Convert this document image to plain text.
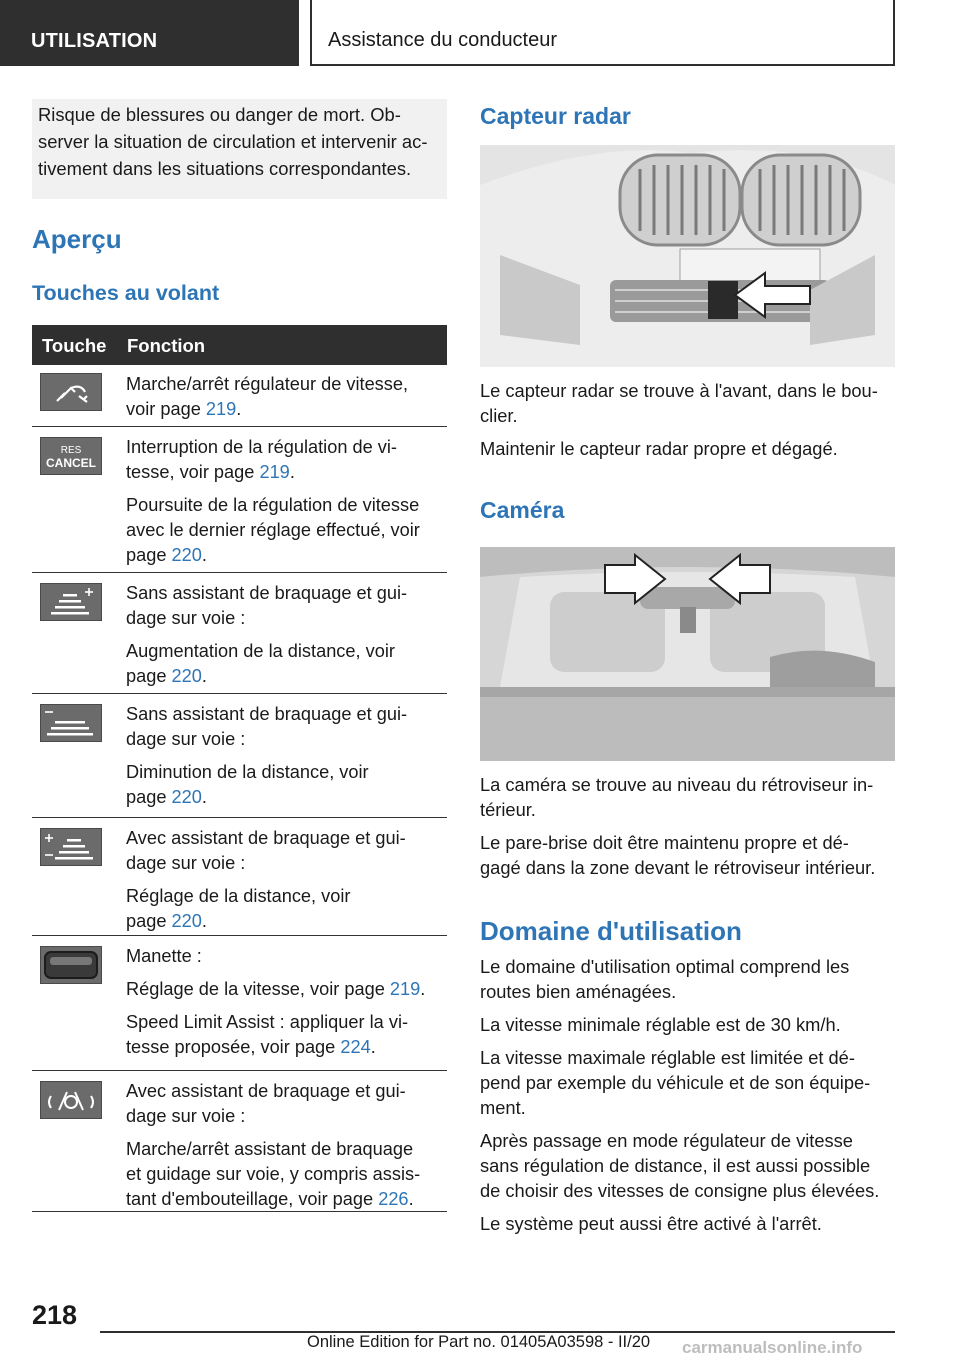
UTILISATION	Assistance du conducteur

Risque de blessures ou danger de mort. Ob-

server la situation de circulation et intervenir ac-

tivement dans les situations correspondantes.

Aperçu
Touches au volant
Touche Fonction

Marche/arrêt régulateur de vitesse,
voir page 219.

RES
CANCEL

Interruption de la régulation de vi-
tesse, voir page 219.

Poursuite de la régulation de vitesse
avec le dernier réglage effectué, voir
page 220.

Sans assistant de braquage et gui-
dage sur voie :

Augmentation de la distance, voir
page 220.

Sans assistant de braquage et gui-
dage sur voie :

Diminution de la distance, voir
page 220.

Avec assistant de braquage et gui-
dage sur voie :

Réglage de la distance, voir
page 220.

Manette :

Réglage de la vitesse, voir page 219.

Speed Limit Assist : appliquer la vi-
tesse proposée, voir page 224.

Avec assistant de braquage et gui-
dage sur voie :

Marche/arrêt assistant de braquage
et guidage sur voie, y compris assis-
tant d'embouteillage, voir page 226.

Capteur radar

Le capteur radar se trouve à l'avant, dans le bou-
clier.

Maintenir le capteur radar propre et dégagé.

Caméra

La caméra se trouve au niveau du rétroviseur in-
térieur.

Le pare-brise doit être maintenu propre et dé-
gagé dans la zone devant le rétroviseur intérieur.

Domaine d'utilisation

Le domaine d'utilisation optimal comprend les
routes bien aménagées.

La vitesse minimale réglable est de 30 km/h.

La vitesse maximale réglable est limitée et dé-
pend par exemple du véhicule et de son équipe-
ment.

Après passage en mode régulateur de vitesse
sans régulation de distance, il est aussi possible
de choisir des vitesses de consigne plus élevées.

Le système peut aussi être activé à l'arrêt.

218
Online Edition for Part no. 01405A03598 - II/20 carmanualsonline.info
